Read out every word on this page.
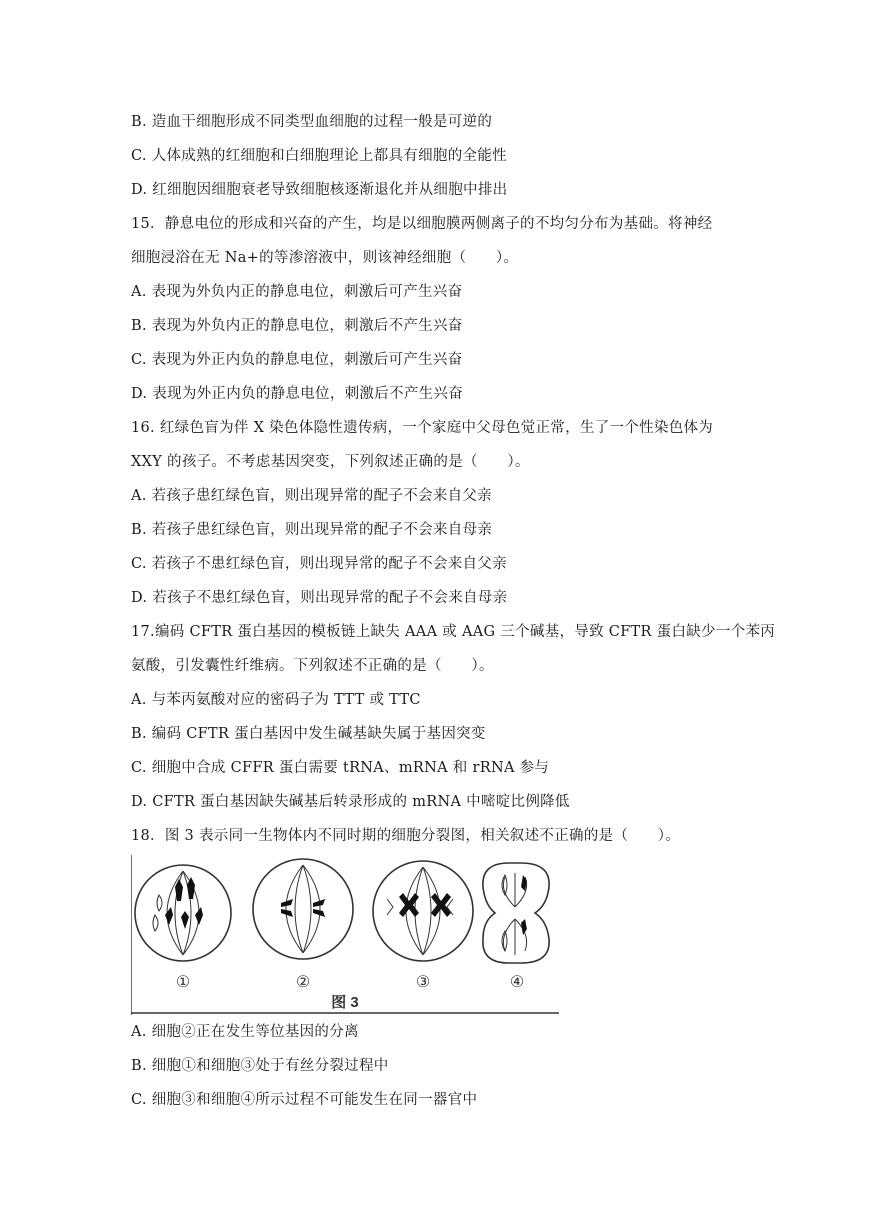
B. 造血干细胞形成不同类型血细胞的过程一般是可逆的
C. 人体成熟的红细胞和白细胞理论上都具有细胞的全能性
D. 红细胞因细胞衰老导致细胞核逐渐退化并从细胞中排出
15．静息电位的形成和兴奋的产生，均是以细胞膜两侧离子的不均匀分布为基础。将神经
细胞浸浴在无 Na+的等渗溶液中，则该神经细胞（　　）。
A. 表现为外负内正的静息电位，刺激后可产生兴奋
B. 表现为外负内正的静息电位，刺激后不产生兴奋
C. 表现为外正内负的静息电位，刺激后可产生兴奋
D. 表现为外正内负的静息电位，刺激后不产生兴奋
16. 红绿色盲为伴 X 染色体隐性遗传病，一个家庭中父母色觉正常，生了一个性染色体为
XXY 的孩子。不考虑基因突变，下列叙述正确的是（　　）。
A. 若孩子患红绿色盲，则出现异常的配子不会来自父亲
B. 若孩子患红绿色盲，则出现异常的配子不会来自母亲
C. 若孩子不患红绿色盲，则出现异常的配子不会来自父亲
D. 若孩子不患红绿色盲，则出现异常的配子不会来自母亲
17.编码 CFTR 蛋白基因的模板链上缺失 AAA 或 AAG 三个碱基，导致 CFTR 蛋白缺少一个苯丙
氨酸，引发囊性纤维病。下列叙述不正确的是（　　）。
A. 与苯丙氨酸对应的密码子为 TTT 或 TTC
B. 编码 CFTR 蛋白基因中发生碱基缺失属于基因突变
C. 细胞中合成 CFFR 蛋白需要 tRNA、mRNA 和 rRNA 参与
D. CFTR 蛋白基因缺失碱基后转录形成的 mRNA 中嘧啶比例降低
18．图 3 表示同一生物体内不同时期的细胞分裂图，相关叙述不正确的是（　　）。
A. 细胞②正在发生等位基因的分离
B. 细胞①和细胞③处于有丝分裂过程中
C. 细胞③和细胞④所示过程不可能发生在同一器官中
①	②	③	④
图 3
